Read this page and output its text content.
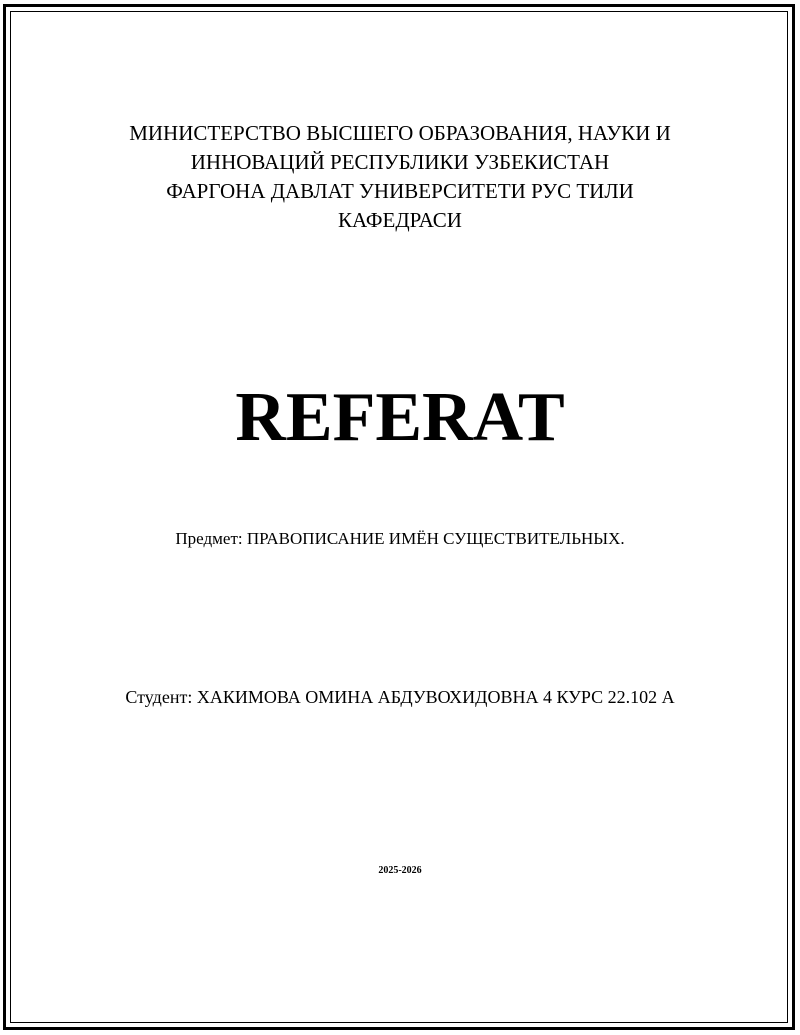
МИНИСТЕРСТВО ВЫСШЕГО ОБРАЗОВАНИЯ, НАУКИ И
ИННОВАЦИЙ РЕСПУБЛИКИ УЗБЕКИСТАН
ФАРГОНА ДАВЛАТ УНИВЕРСИТЕТИ РУС ТИЛИ
КАФЕДРАСИ
REFERAT
Предмет: ПРАВОПИСАНИЕ ИМЁН СУЩЕСТВИТЕЛЬНЫХ.
Студент: ХАКИМОВА ОМИНА АБДУВОХИДОВНА 4 КУРС 22.102 А
2025-2026
